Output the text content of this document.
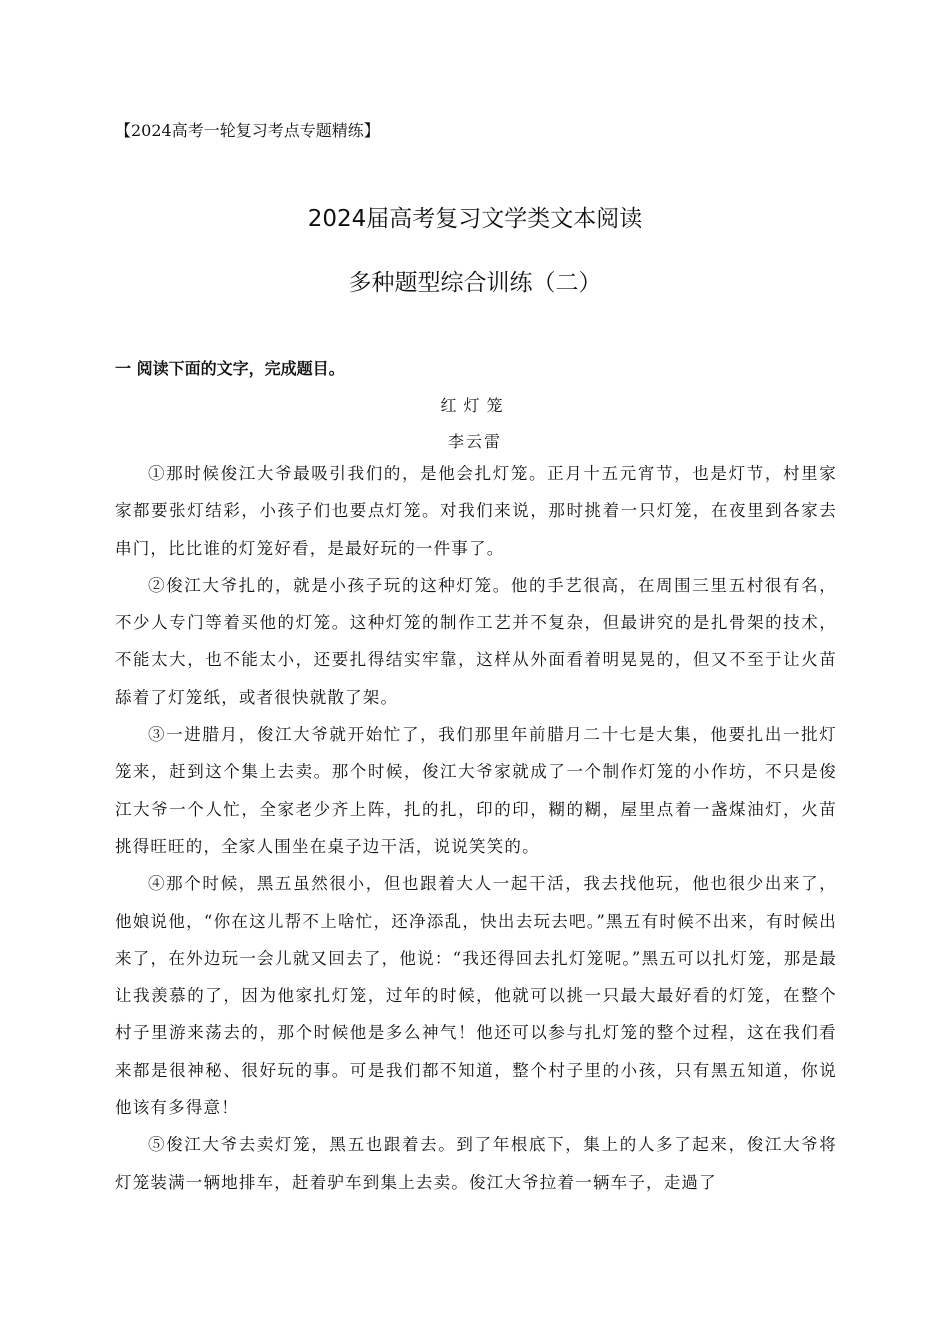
【2024高考一轮复习考点专题精练】
2024届高考复习文学类文本阅读
多种题型综合训练（二）
一 阅读下面的文字，完成题目。
红灯笼
李云雷

①那时候俊江大爷最吸引我们的，是他会扎灯笼。正月十五元宵节，也是灯节，村里家家都要张灯结彩，小孩子们也要点灯笼。对我们来说，那时挑着一只灯笼，在夜里到各家去串门，比比谁的灯笼好看，是最好玩的一件事了。

②俊江大爷扎的，就是小孩子玩的这种灯笼。他的手艺很高，在周围三里五村很有名，不少人专门等着买他的灯笼。这种灯笼的制作工艺并不复杂，但最讲究的是扎骨架的技术，不能太大，也不能太小，还要扎得结实牢靠，这样从外面看着明晃晃的，但又不至于让火苗舔着了灯笼纸，或者很快就散了架。

③一进腊月，俊江大爷就开始忙了，我们那里年前腊月二十七是大集，他要扎出一批灯笼来，赶到这个集上去卖。那个时候，俊江大爷家就成了一个制作灯笼的小作坊，不只是俊江大爷一个人忙，全家老少齐上阵，扎的扎，印的印，糊的糊，屋里点着一盏煤油灯，火苗挑得旺旺的，全家人围坐在桌子边干活，说说笑笑的。

④那个时候，黑五虽然很小，但也跟着大人一起干活，我去找他玩，他也很少出来了，他娘说他，“你在这儿帮不上啥忙，还净添乱，快出去玩去吧。”黑五有时候不出来，有时候出来了，在外边玩一会儿就又回去了，他说：“我还得回去扎灯笼呢。”黑五可以扎灯笼，那是最让我羡慕的了，因为他家扎灯笼，过年的时候，他就可以挑一只最大最好看的灯笼，在整个村子里游来荡去的，那个时候他是多么神气！他还可以参与扎灯笼的整个过程，这在我们看来都是很神秘、很好玩的事。可是我们都不知道，整个村子里的小孩，只有黑五知道，你说他该有多得意！

⑤俊江大爷去卖灯笼，黑五也跟着去。到了年根底下，集上的人多了起来，俊江大爷将灯笼装满一辆地排车，赶着驴车到集上去卖。俊江大爷拉着一辆车子，走過了
